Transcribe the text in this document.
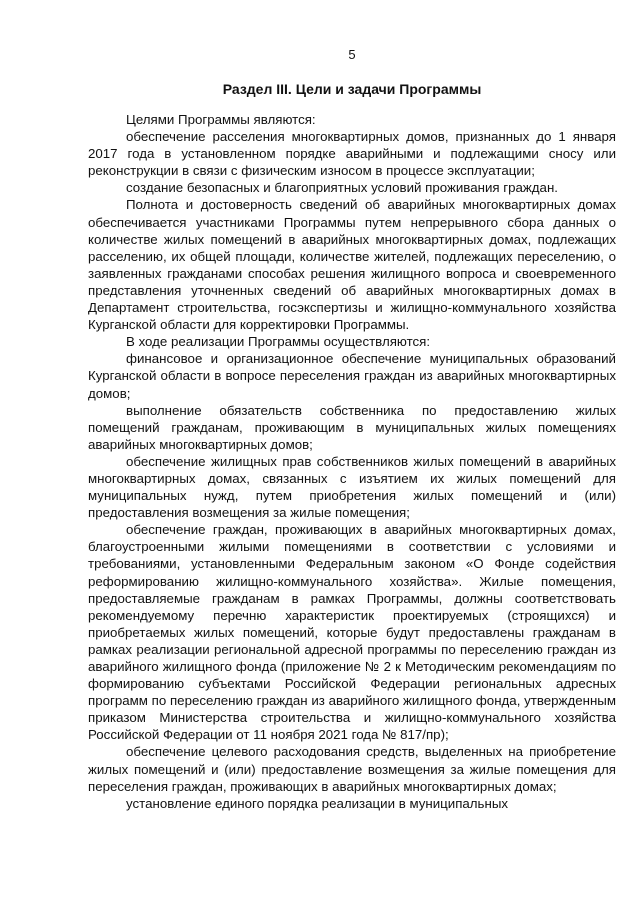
5
Раздел III. Цели и задачи Программы

Целями Программы являются:

обеспечение расселения многоквартирных домов, признанных до 1 января 2017 года в установленном порядке аварийными и подлежащими сносу или реконструкции в связи с физическим износом в процессе эксплуатации;

создание безопасных и благоприятных условий проживания граждан.

Полнота и достоверность сведений об аварийных многоквартирных домах обеспечивается участниками Программы путем непрерывного сбора данных о количестве жилых помещений в аварийных многоквартирных домах, подлежащих расселению, их общей площади, количестве жителей, подлежащих переселению, о заявленных гражданами способах решения жилищного вопроса и своевременного представления уточненных сведений об аварийных многоквартирных домах в Департамент строительства, госэкспертизы и жилищно-коммунального хозяйства Курганской области для корректировки Программы.

В ходе реализации Программы осуществляются:

финансовое и организационное обеспечение муниципальных образований Курганской области в вопросе переселения граждан из аварийных многоквартирных домов;

выполнение обязательств собственника по предоставлению жилых помещений гражданам, проживающим в муниципальных жилых помещениях аварийных многоквартирных домов;

обеспечение жилищных прав собственников жилых помещений в аварийных многоквартирных домах, связанных с изъятием их жилых помещений для муниципальных нужд, путем приобретения жилых помещений и (или) предоставления возмещения за жилые помещения;

обеспечение граждан, проживающих в аварийных многоквартирных домах, благоустроенными жилыми помещениями в соответствии с условиями и требованиями, установленными Федеральным законом «О Фонде содействия реформированию жилищно-коммунального хозяйства». Жилые помещения, предоставляемые гражданам в рамках Программы, должны соответствовать рекомендуемому перечню характеристик проектируемых (строящихся) и приобретаемых жилых помещений, которые будут предоставлены гражданам в рамках реализации региональной адресной программы по переселению граждан из аварийного жилищного фонда (приложение № 2 к Методическим рекомендациям по формированию субъектами Российской Федерации региональных адресных программ по переселению граждан из аварийного жилищного фонда, утвержденным приказом Министерства строительства и жилищно-коммунального хозяйства Российской Федерации от 11 ноября 2021 года № 817/пр);

обеспечение целевого расходования средств, выделенных на приобретение жилых помещений и (или) предоставление возмещения за жилые помещения для переселения граждан, проживающих в аварийных многоквартирных домах;

установление единого порядка реализации в муниципальных
